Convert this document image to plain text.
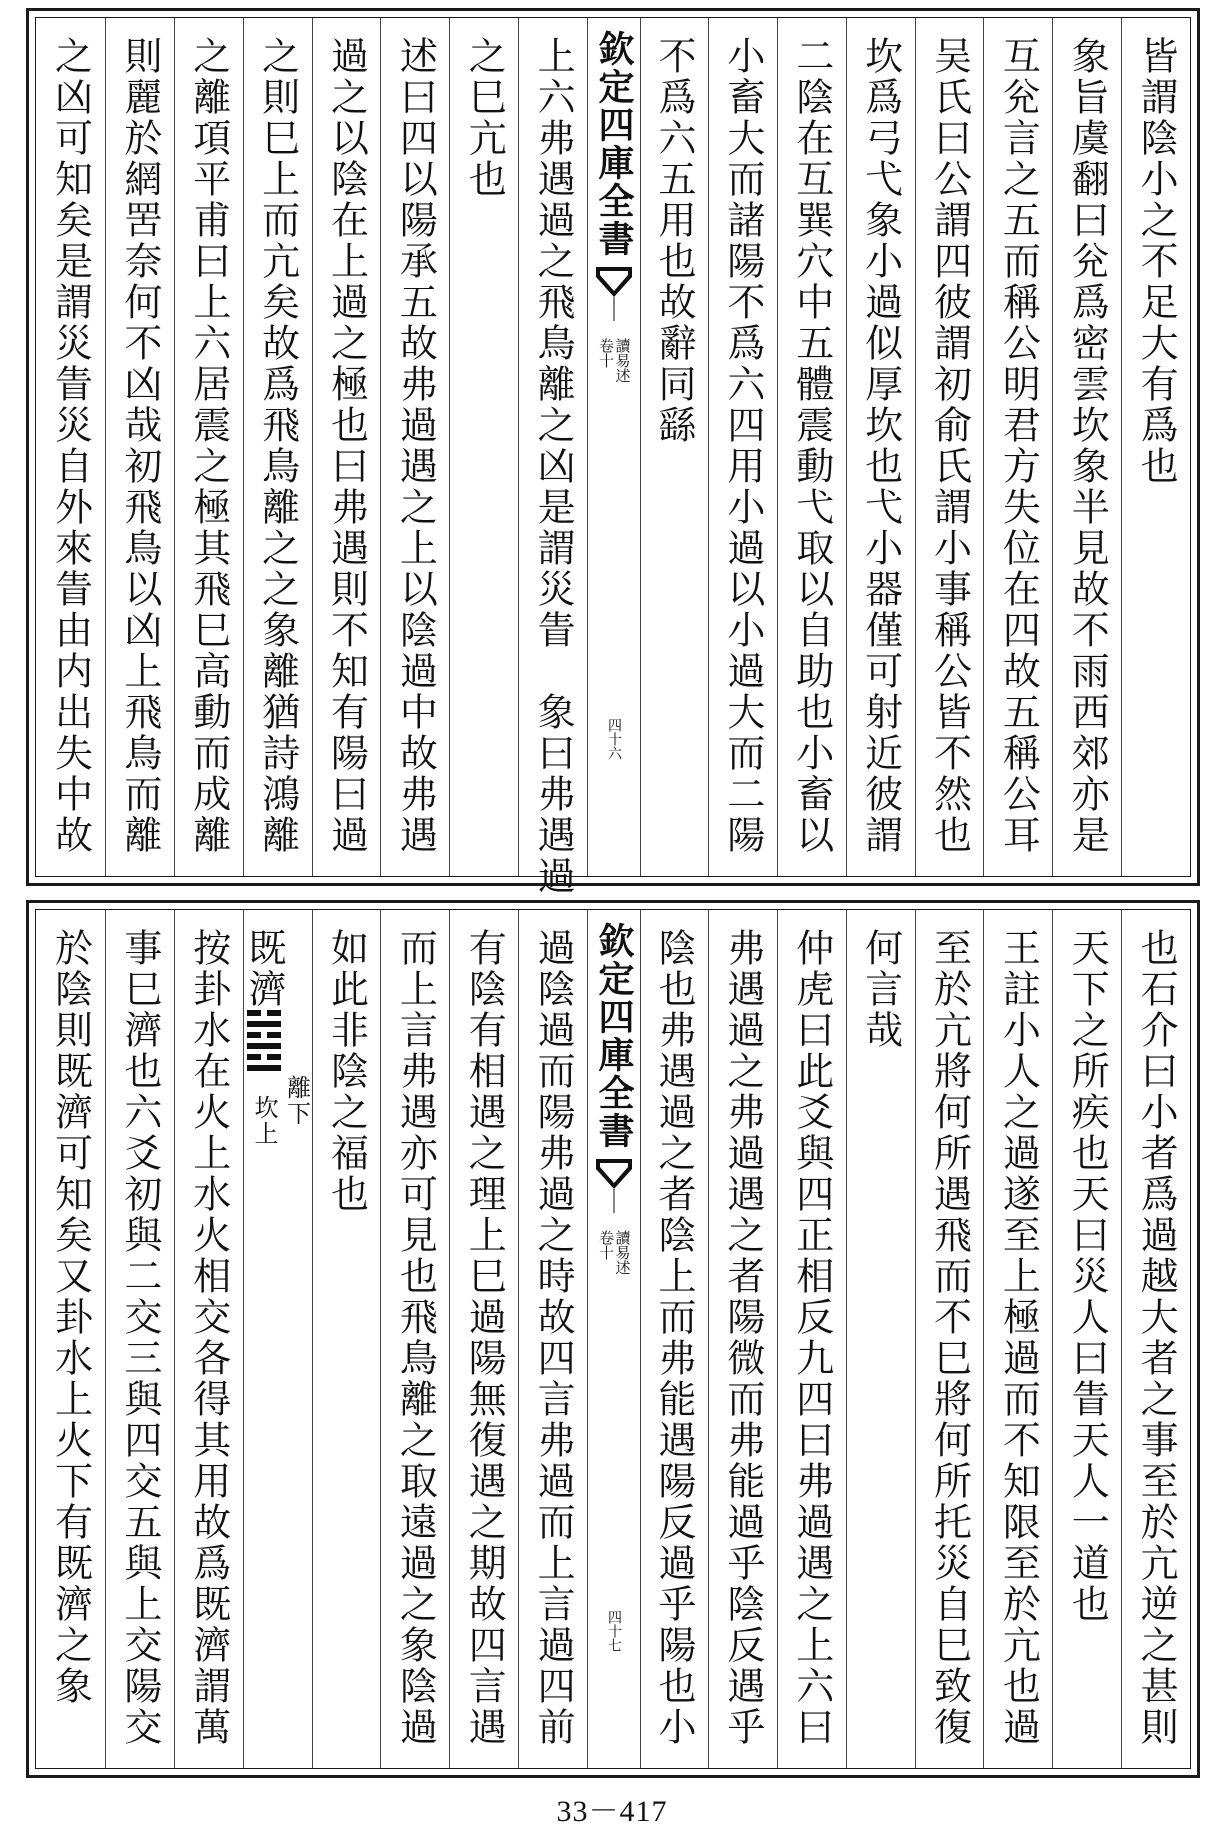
皆謂陰小之不足大有爲也
象旨虞翻曰兊爲密雲坎象半見故不雨西郊亦是
互兊言之五而稱公明君方失位在四故五稱公耳
吴氏曰公謂四彼謂初俞氏謂小事稱公皆不然也
坎爲弓弋象小過似厚坎也弋小器僅可射近彼謂
二陰在互巽穴中五體震動弋取以自助也小畜以
小畜大而諸陽不爲六四用小過以小過大而二陽
不爲六五用也故辭同繇
欽定四庫全書
讀易述
卷十
四十六
上六弗遇過之飛鳥離之凶是謂災眚　象曰弗遇過
之巳亢也
述曰四以陽承五故弗過遇之上以陰過中故弗遇
過之以陰在上過之極也曰弗遇則不知有陽曰過
之則巳上而亢矣故爲飛鳥離之之象離猶詩鴻離
之離項平甫曰上六居震之極其飛巳高動而成離
則麗於網罟奈何不凶哉初飛鳥以凶上飛鳥而離
之凶可知矣是謂災眚災自外來眚由内出失中故
也石介曰小者爲過越大者之事至於亢逆之甚則
天下之所疾也天曰災人曰眚天人一道也
王註小人之過遂至上極過而不知限至於亢也過
至於亢將何所遇飛而不巳將何所托災自巳致復
何言哉
仲虎曰此爻與四正相反九四曰弗過遇之上六曰
弗遇過之弗過遇之者陽微而弗能過乎陰反遇乎
陰也弗遇過之者陰上而弗能遇陽反過乎陽也小
欽定四庫全書
讀易述
卷十
四十七
過陰過而陽弗過之時故四言弗過而上言過四前
有陰有相遇之理上巳過陽無復遇之期故四言遇
而上言弗遇亦可見也飛鳥離之取遠過之象陰過
如此非陰之福也
既濟
離下
坎上
按卦水在火上水火相交各得其用故爲既濟謂萬
事巳濟也六爻初與二交三與四交五與上交陽交
於陰則既濟可知矣又卦水上火下有既濟之象
33－417
